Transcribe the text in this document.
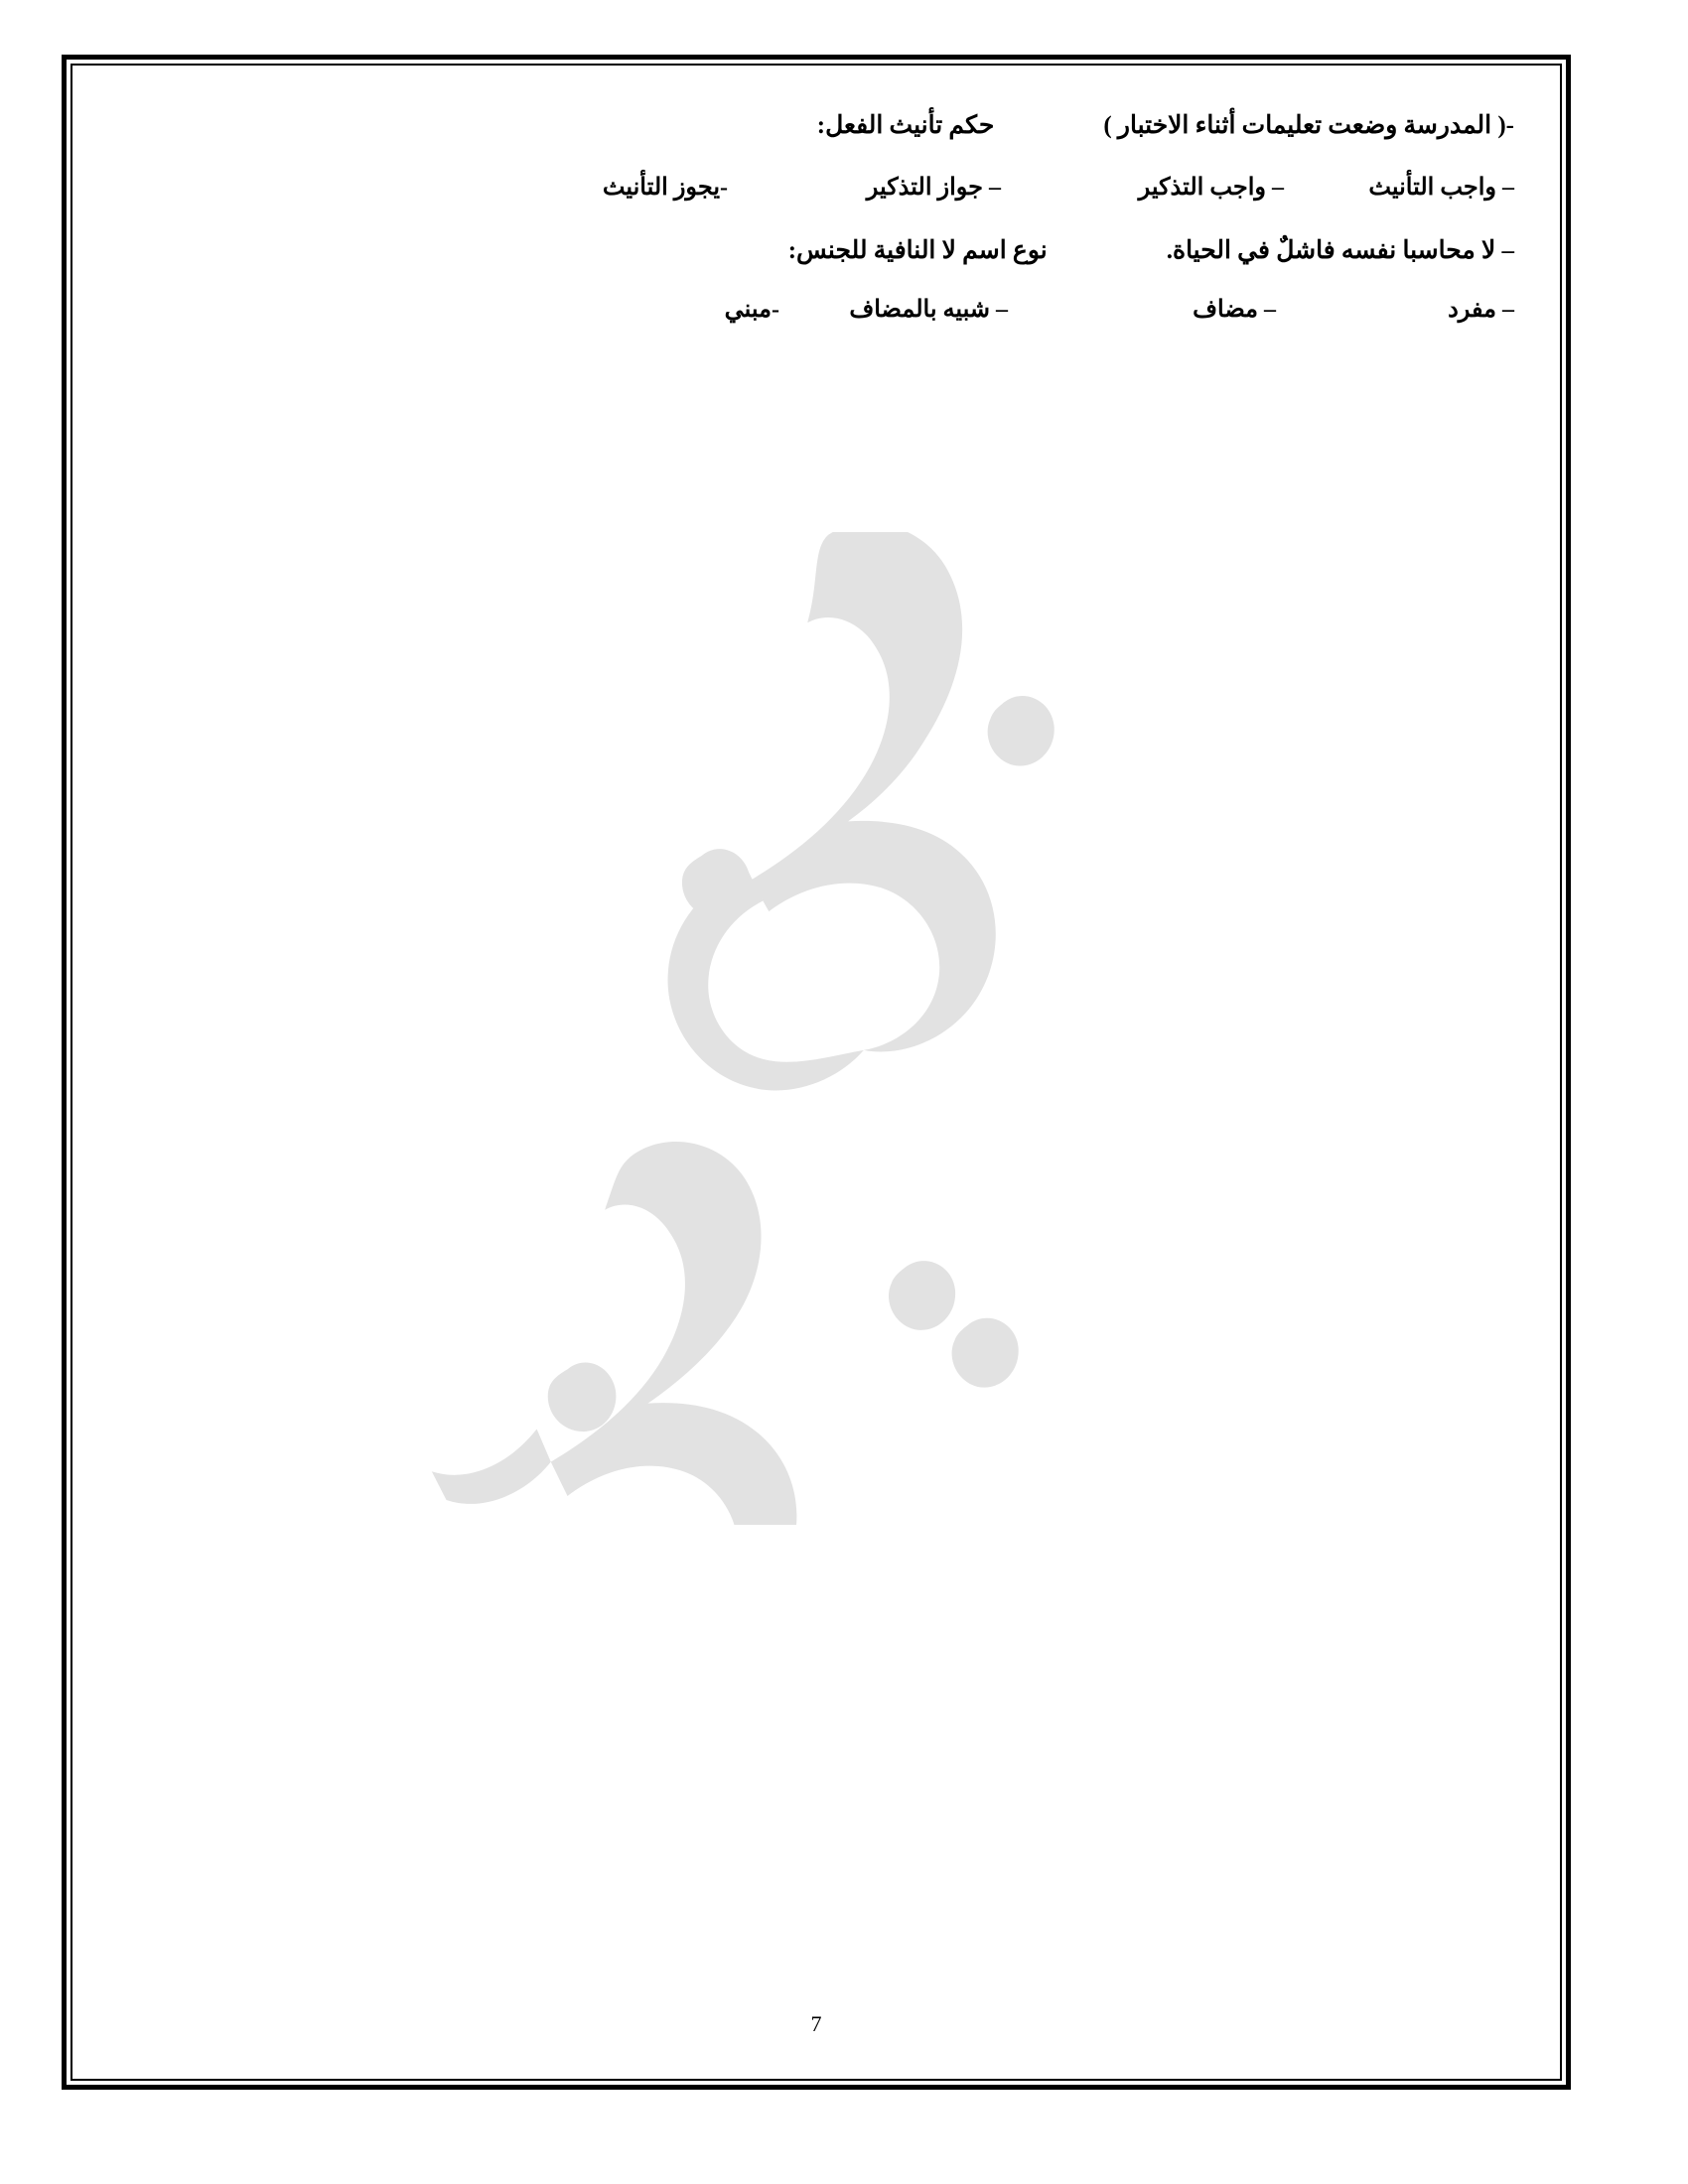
-( المدرسة وضعت تعليمات أثناء الاختبار )
حكم تأنيث الفعل:
– واجب التأنيث
– واجب التذكير
– جواز التذكير
-يجوز التأنيث
– لا محاسبا نفسه فاشلٌ في الحياة.
نوع اسم لا النافية للجنس:
– مفرد
– مضاف
– شبيه بالمضاف
-مبني
7
